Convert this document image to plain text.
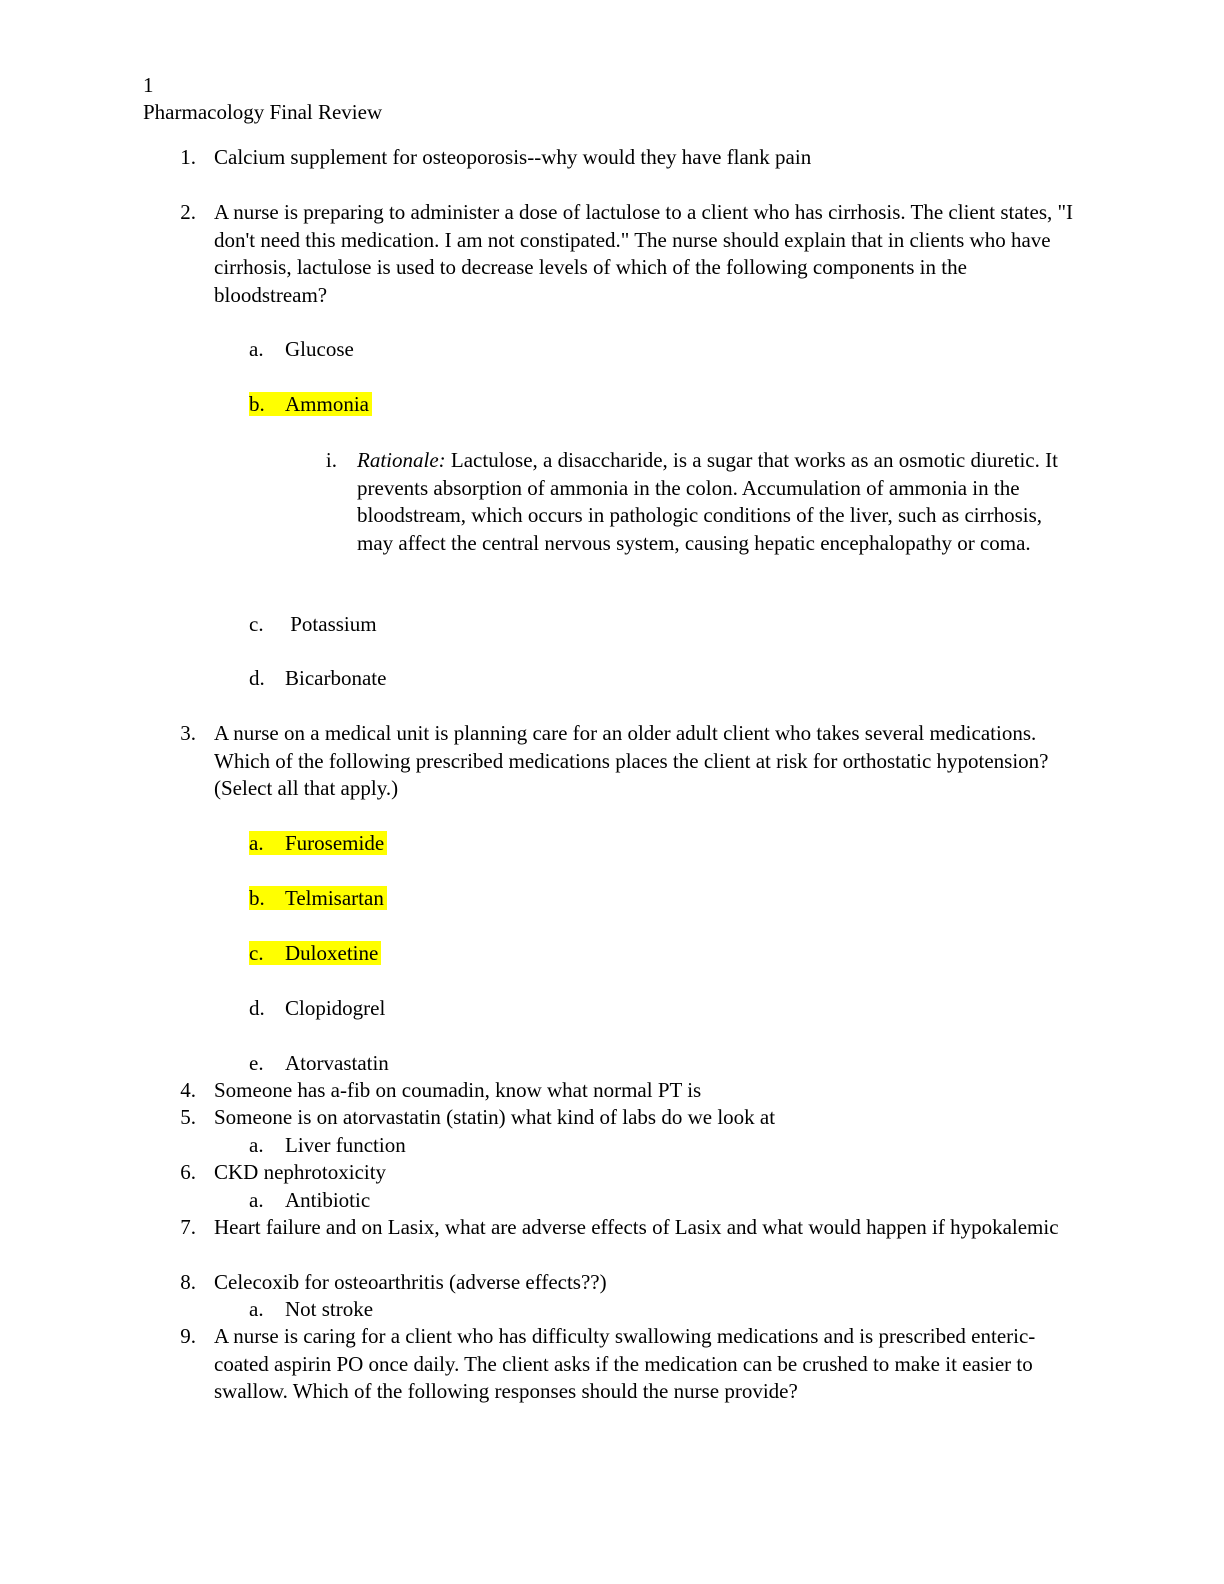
1
Pharmacology Final Review
1. Calcium supplement for osteoporosis--why would they have flank pain
2. A nurse is preparing to administer a dose of lactulose to a client who has cirrhosis. The client states, "I don't need this medication. I am not constipated." The nurse should explain that in clients who have cirrhosis, lactulose is used to decrease levels of which of the following components in the bloodstream?
a. Glucose
b. Ammonia
i. Rationale: Lactulose, a disaccharide, is a sugar that works as an osmotic diuretic. It prevents absorption of ammonia in the colon. Accumulation of ammonia in the bloodstream, which occurs in pathologic conditions of the liver, such as cirrhosis, may affect the central nervous system, causing hepatic encephalopathy or coma.
c. Potassium
d. Bicarbonate
3. A nurse on a medical unit is planning care for an older adult client who takes several medications. Which of the following prescribed medications places the client at risk for orthostatic hypotension? (Select all that apply.)
a. Furosemide
b. Telmisartan
c. Duloxetine
d. Clopidogrel
e. Atorvastatin
4. Someone has a-fib on coumadin, know what normal PT is
5. Someone is on atorvastatin (statin) what kind of labs do we look at
a. Liver function
6. CKD nephrotoxicity
a. Antibiotic
7. Heart failure and on Lasix, what are adverse effects of Lasix and what would happen if hypokalemic
8. Celecoxib for osteoarthritis (adverse effects??)
a. Not stroke
9. A nurse is caring for a client who has difficulty swallowing medications and is prescribed enteric-coated aspirin PO once daily. The client asks if the medication can be crushed to make it easier to swallow. Which of the following responses should the nurse provide?
